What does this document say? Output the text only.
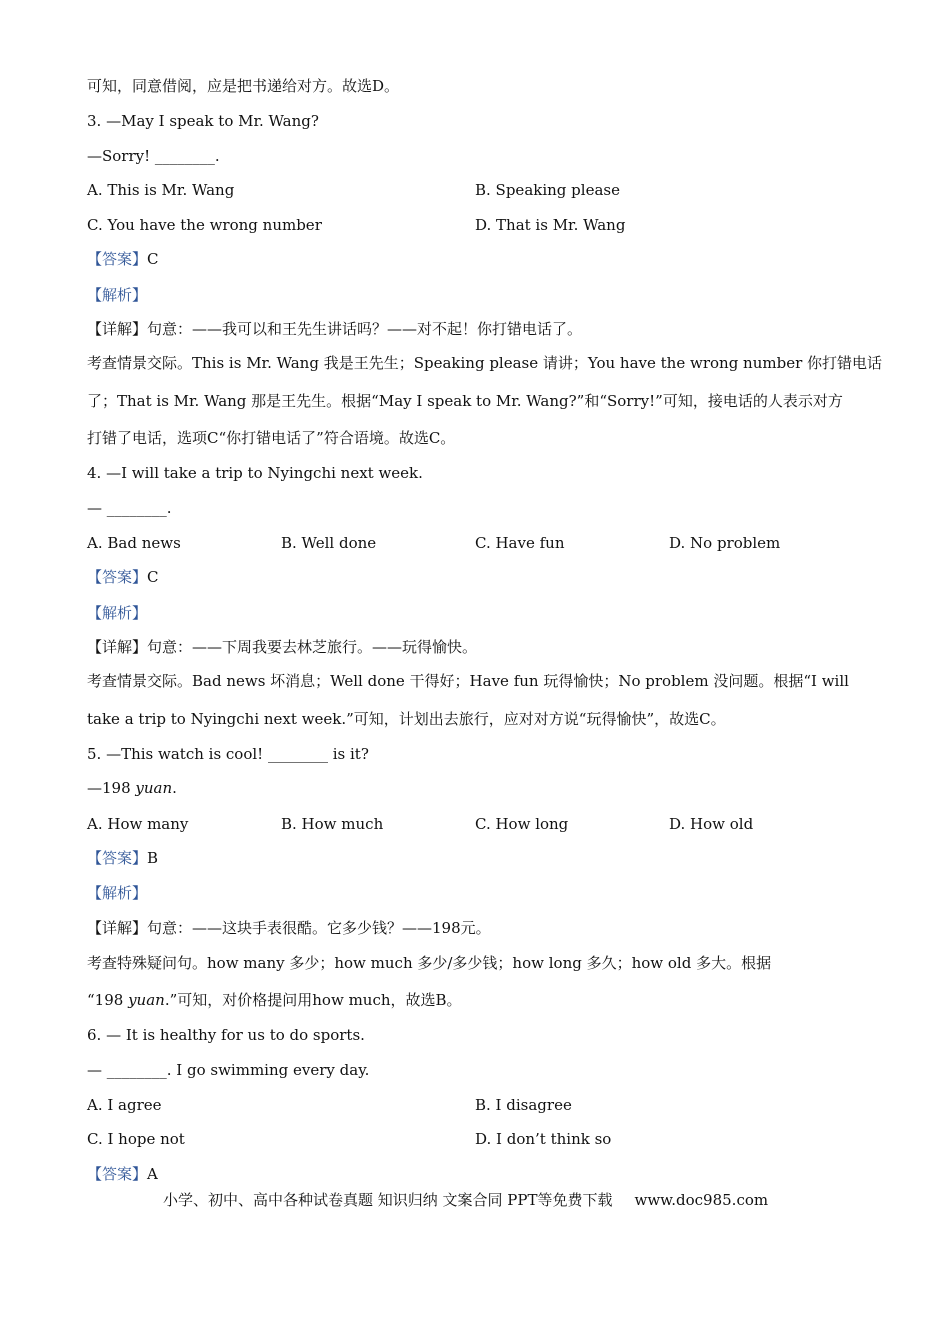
可知，同意借阅，应是把书递给对方。故选D。
3. —May I speak to Mr. Wang?
—Sorry! ________.
A. This is Mr. Wang	B. Speaking please
C. You have the wrong number	D. That is Mr. Wang
【答案】C
【解析】
【详解】句意：——我可以和王先生讲话吗？——对不起！你打错电话了。
考查情景交际。This is Mr. Wang 我是王先生；Speaking please 请讲；You have the wrong number 你打错电话
了；That is Mr. Wang 那是王先生。根据“May I speak to Mr. Wang?”和“Sorry!”可知，接电话的人表示对方
打错了电话，选项C“你打错电话了”符合语境。故选C。
4. —I will take a trip to Nyingchi next week.
— ________.
A. Bad news	B. Well done	C. Have fun	D. No problem
【答案】C
【解析】
【详解】句意：——下周我要去林芝旅行。——玩得愉快。
考查情景交际。Bad news 坏消息；Well done 干得好；Have fun 玩得愉快；No problem 没问题。根据“I will
take a trip to Nyingchi next week.”可知，计划出去旅行，应对对方说“玩得愉快”，故选C。
5. —This watch is cool! ________ is it?
—198 yuan.
A. How many	B. How much	C. How long	D. How old
【答案】B
【解析】
【详解】句意：——这块手表很酷。它多少钱？——198元。
考查特殊疑问句。how many 多少；how much 多少/多少钱；how long 多久；how old 多大。根据
“198 yuan.”可知，对价格提问用how much，故选B。
6. — It is healthy for us to do sports.
— ________. I go swimming every day.
A. I agree	B. I disagree
C. I hope not	D. I don’t think so
【答案】A
小学、初中、高中各种试卷真题 知识归纳 文案合同 PPT等免费下载 www.doc985.com
